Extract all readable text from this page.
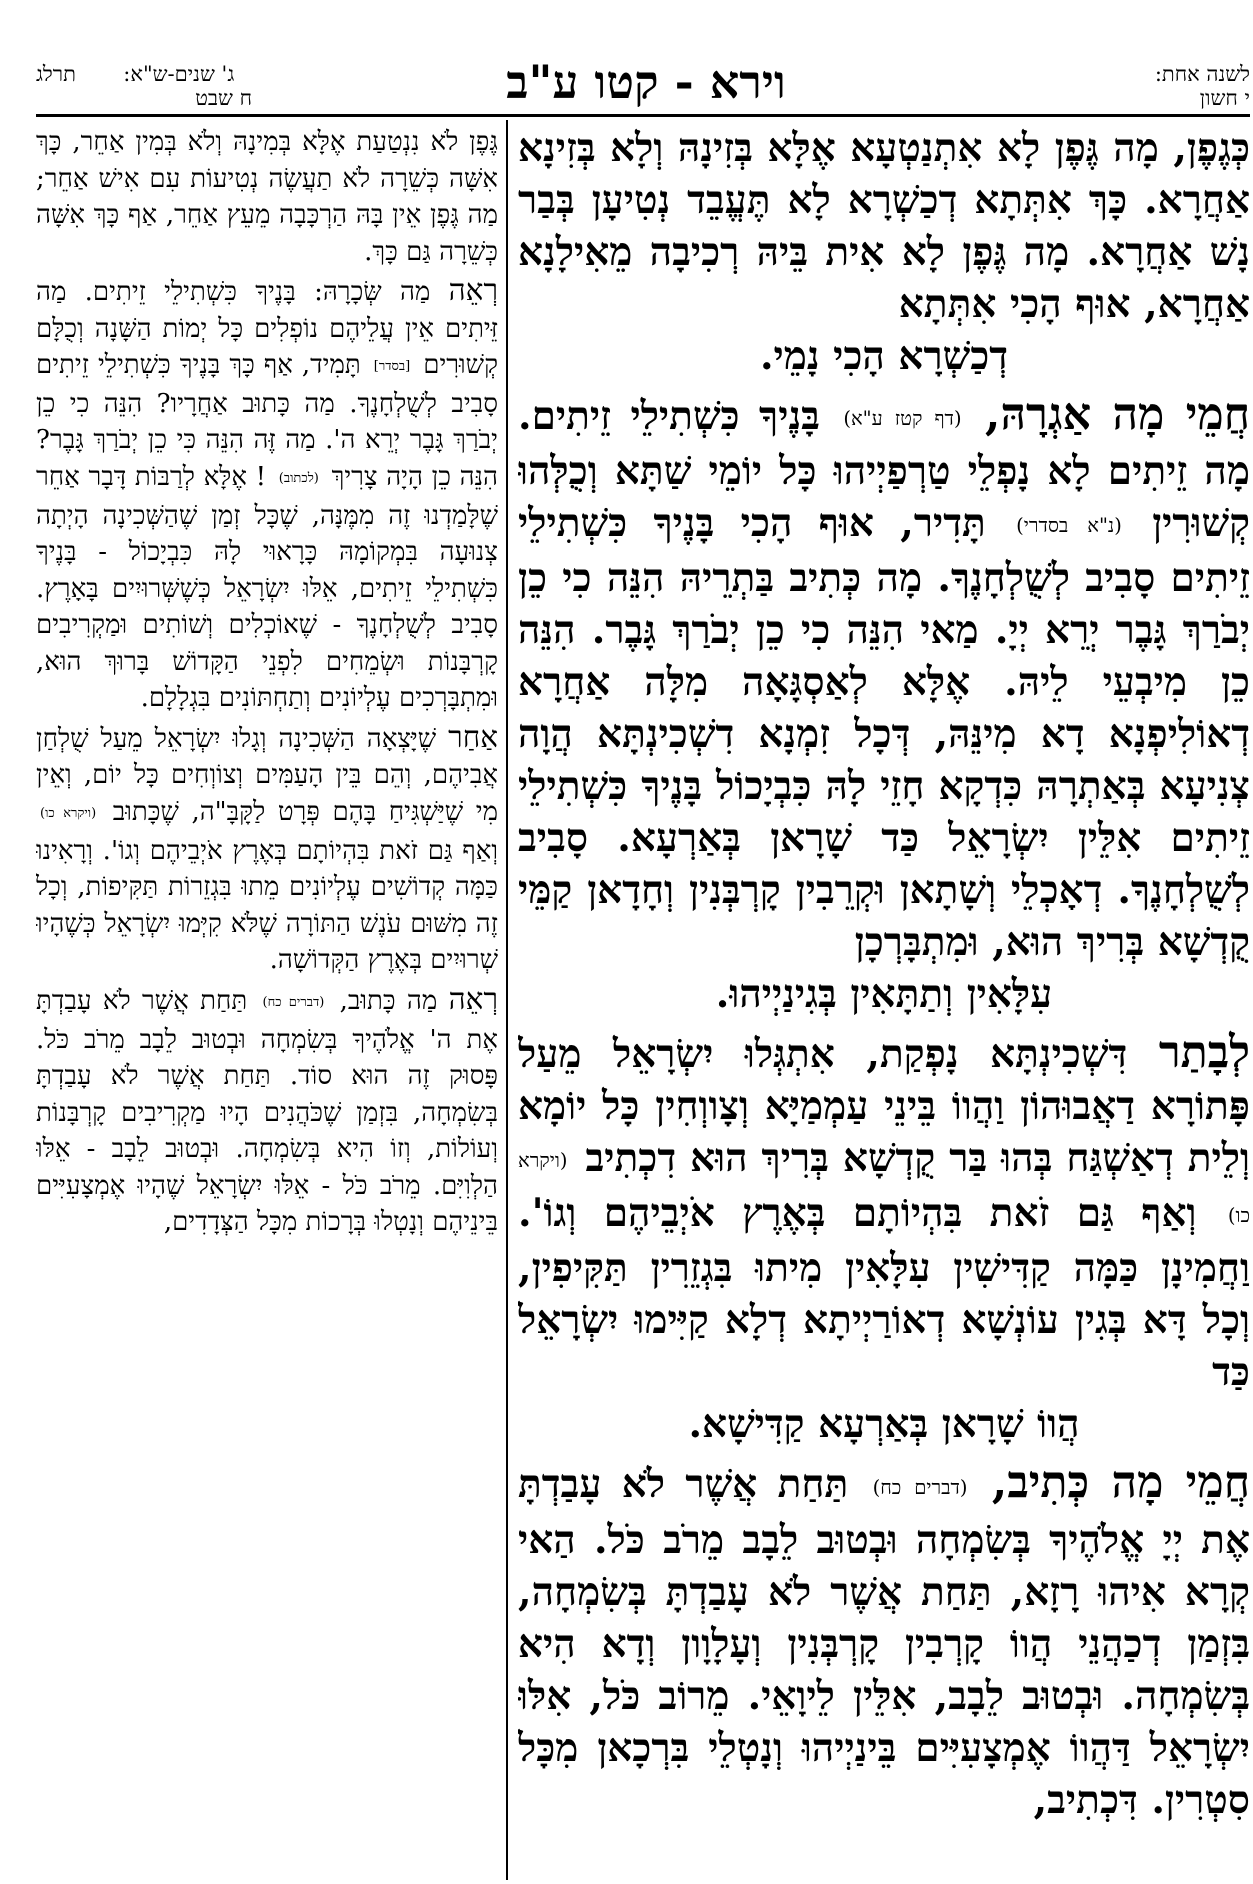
לשנה אחת:
י חשון
וירא - קטו ע"ב
ג' שנים-ש"א:  תרלג
ח שבט

כְּגֶפֶן, מָה גֶּפֶן לָא אִתְנַטְעָא אֶלָּא בְּזִינָהּ וְלָא בְּזִינָא אַחֲרָא. כָּךְ אִתְּתָא דְכַשְׁרָא לָא תֶּעֱבֵד נְטִיעָן בְּבַר נָשׁ אַחֲרָא. מָה גֶּפֶן לָא אִית בֵּיהּ רְכִיבָה מֵאִילָנָא אַחֲרָא, אוּף הָכִי אִתְּתָא
דְכַשְׁרָא הָכִי נָמֵי.

חֲמֵי מָה אַגְרָהּ, (דף קטז ע"א) בָּנֶיךָ כִּשְׁתִילֵי זֵיתִים. מָה זֵיתִים לָא נָפְלֵי טַרְפַיְיהוּ כָּל יוֹמֵי שַׁתָּא וְכֻלְּהוּ קְשׁוּרִין (נ"א בסדרי) תָּדִיר, אוּף הָכִי בָּנֶיךָ כִּשְׁתִילֵי זֵיתִים סָבִיב לְשֻׁלְחָנֶךָ. מָה כְּתִיב בַּתְרֵיהּ הִנֵּה כִי כֵן יְבֹרַךְ גָּבֶר יְרֵא יְיָ. מַאי הִנֵּה כִי כֵן יְבֹרַךְ גָּבֶר. הִנֵּה כֵן מִיבְעֵי לֵיהּ. אֶלָּא לְאַסְגָּאָה מִלָּה אַחֲרָא דְאוֹלִיפְנָא דָא מִינֵּהּ, דְּכָל זִמְנָא דִשְׁכִינְתָּא הֲוָה צְנִיעָא בְּאַתְרָהּ כִּדְקָא חָזֵי לָהּ כִּבְיָכוֹל בָּנֶיךָ כִּשְׁתִילֵי זֵיתִים אִלֵּין יִשְׂרָאֵל כַּד שָׁרָאן בְּאַרְעָא. סָבִיב לְשֻׁלְחָנֶךָ. דְאָכְלֵי וְשָׁתָאן וּקְרֵבִין קָרְבְּנִין וְחָדָאן קַמֵּי קֻדְשָׁא בְּרִיךְ הוּא, וּמִתְבָּרְכָן
עִלָּאִין וְתַתָּאִין בְּגִינַיְיהוּ.

לְבָתַר דִּשְׁכִינְתָּא נָפְקַת, אִתְגְּלוּ יִשְׂרָאֵל מֵעַל פָּתוֹרָא דַאֲבוּהוֹן וַהֲווֹ בֵּינֵי עַמְמַיָּא וְצָווְחִין כָּל יוֹמָא וְלֵית דְאַשְׁגַּח בְּהוּ בַּר קֻדְשָׁא בְּרִיךְ הוּא דִכְתִיב (ויקרא כו) וְאַף גַּם זֹאת בִּהְיוֹתָם בְּאֶרֶץ אֹיְבֵיהֶם וְגוֹ'. וַחֲמִינָן כַּמָּה קַדִּישִׁין עִלָּאִין מִיתוּ בִּגְזֵרִין תַּקִּיפִין, וְכָל דָּא בְּגִין עוֹנְשָׁא דְאוֹרַיְיתָא דְלָא קַיִּימוּ יִשְׂרָאֵל כַּד
הֲווֹ שָׁרָאן בְּאַרְעָא קַדִּישָׁא.

חֲמֵי מָה כְּתִיב, (דברים כח) תַּחַת אֲשֶׁר לֹא עָבַדְתָּ אֶת יְיָ אֱלֹהֶיךָ בְּשִׂמְחָה וּבְטוּב לֵבָב מֵרֹב כֹּל. הַאי קְרָא אִיהוּ רָזָא, תַּחַת אֲשֶׁר לֹא עָבַדְתָּ בְּשִׂמְחָה, בִּזְמַן דְכַהֲנֵי הֲווֹ קָרְבִין קָרְבְּנִין וְעָלָוָון וְדָא הִיא בְּשִׂמְחָה. וּבְטוּב לֵבָב, אִלֵּין לֵיוָאֵי. מֵרוֹב כֹּל, אִלּוּ יִשְׂרָאֵל דַּהֲווֹ אֶמְצָעִיִּים בֵּינַיְיהוּ וְנָטְלֵי בִּרְכָאן מִכָּל סִטְרִין. דִּכְתִיב,

גֶּפֶן לֹא נִנְטַעַת אֶלָּא בְּמִינָהּ וְלֹא בְּמִין אַחֵר, כָּךְ אִשָּׁה כְּשֵׁרָה לֹא תַעֲשֶׂה נְטִיעוֹת עִם אִישׁ אַחֵר; מַה גֶּפֶן אֵין בָּהּ הַרְכָּבָה מֵעֵץ אַחֵר, אַף כָּךְ אִשָּׁה כְּשֵׁרָה גַּם כָּךְ.

רְאֵה מַה שְּׂכָרָהּ: בָּנֶיךָ כִּשְׁתִילֵי זֵיתִים. מַה זֵּיתִים אֵין עֲלֵיהֶם נוֹפְלִים כָּל יְמוֹת הַשָּׁנָה וְכֻלָּם קְשׁוּרִים [בסדר] תָּמִיד, אַף כָּךְ בָּנֶיךָ כִּשְׁתִילֵי זֵיתִים סָבִיב לְשֻׁלְחָנֶךָ. מַה כָּתוּב אַחֲרָיו? הִנֵּה כִי כֵן יְבֹרַךְ גָּבֶר יְרֵא ה'. מַה זֶּה הִנֵּה כִּי כֵן יְבֹרַךְ גָּבֶר? הִנֵּה כֵן הָיָה צָרִיךְ (לכתוב) ! אֶלָּא לְרַבּוֹת דָּבָר אַחֵר שֶׁלָּמַדְנוּ זֶה מִמֶּנָּה, שֶׁכָּל זְמַן שֶׁהַשְּׁכִינָה הָיְתָה צְנוּעָה בִּמְקוֹמָהּ כָּרָאוּי לָהּ כִּבְיָכוֹל - בָּנֶיךָ כִּשְׁתִילֵי זֵיתִים, אֵלּוּ יִשְׂרָאֵל כְּשֶׁשְּׁרוּיִים בָּאָרֶץ. סָבִיב לְשֻׁלְחָנֶךָ - שֶׁאוֹכְלִים וְשׁוֹתִים וּמַקְרִיבִים קָרְבָּנוֹת וּשְׂמֵחִים לִפְנֵי הַקָּדוֹשׁ בָּרוּךְ הוּא, וּמִתְבָּרְכִים עֶלְיוֹנִים וְתַחְתּוֹנִים בִּגְלָלָם.

אַחַר שֶׁיָּצְאָה הַשְּׁכִינָה וְגָלוּ יִשְׂרָאֵל מֵעַל שֻׁלְחַן אֲבִיהֶם, וְהֵם בֵּין הָעַמִּים וְצוֹוְחִים כָּל יוֹם, וְאֵין מִי שֶׁיַּשְׁגִּיחַ בָּהֶם פְּרָט לַקָּבָּ"ה, שֶׁכָּתוּב (ויקרא כו) וְאַף גַּם זֹאת בִּהְיוֹתָם בְּאֶרֶץ אֹיְבֵיהֶם וְגוֹ'. וְרָאִינוּ כַּמָּה קְדוֹשִׁים עֶלְיוֹנִים מֵתוּ בִּגְזֵרוֹת תַּקִּיפוֹת, וְכָל זֶה מִשּׁוּם עֹנֶשׁ הַתּוֹרָה שֶׁלֹּא קִיְּמוּ יִשְׂרָאֵל כְּשֶׁהָיוּ שְׁרוּיִים בְּאֶרֶץ הַקְּדוֹשָׁה.

רְאֵה מַה כָּתוּב, (דברים כח) תַּחַת אֲשֶׁר לֹא עָבַדְתָּ אֶת ה' אֱלֹהֶיךָ בְּשִׂמְחָה וּבְטוּב לֵבָב מֵרֹב כֹּל. פָּסוּק זֶה הוּא סוֹד. תַּחַת אֲשֶׁר לֹא עָבַדְתָּ בְּשִׂמְחָה, בִּזְמַן שֶׁכֹּהֲנִים הָיוּ מַקְרִיבִים קָרְבָּנוֹת וְעוֹלוֹת, וְזוֹ הִיא בְּשִׂמְחָה. וּבְטוּב לֵבָב - אֵלּוּ הַלְוִיִּם. מֵרֹב כֹּל - אֵלּוּ יִשְׂרָאֵל שֶׁהָיוּ אֶמְצָעִיִּים בֵּינֵיהֶם וְנָטְלוּ בְּרָכוֹת מִכָּל הַצְּדָדִים,
